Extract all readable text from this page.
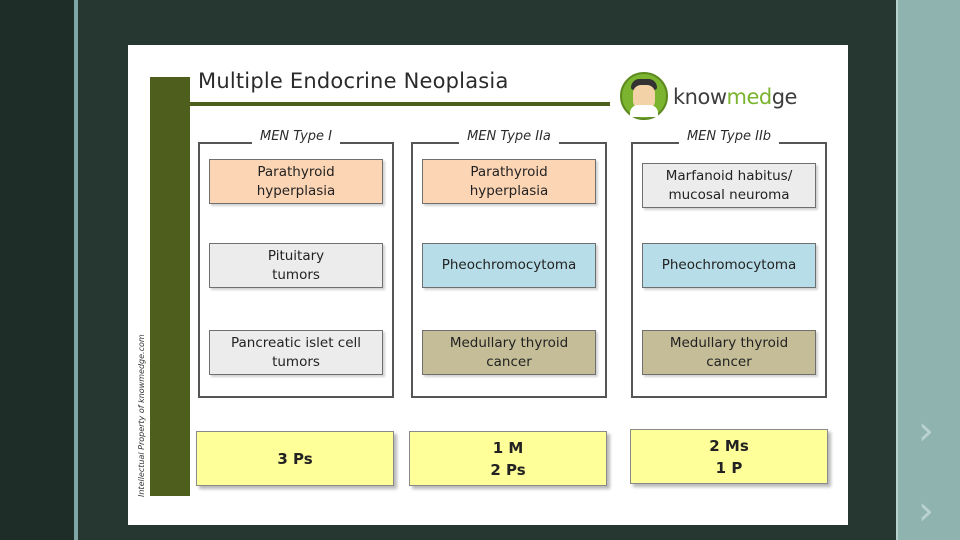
›
›
Multiple Endocrine Neoplasia
Intellectual Property of knowmedge.com
knowmedge
MEN Type I
Parathyroid
hyperplasia
Pituitary
tumors
Pancreatic islet cell
tumors
3 Ps
MEN Type IIa
Parathyroid
hyperplasia
Pheochromocytoma
Medullary thyroid
cancer
1 M
2 Ps
MEN Type IIb
Marfanoid habitus/
mucosal neuroma
Pheochromocytoma
Medullary thyroid
cancer
2 Ms
1 P
